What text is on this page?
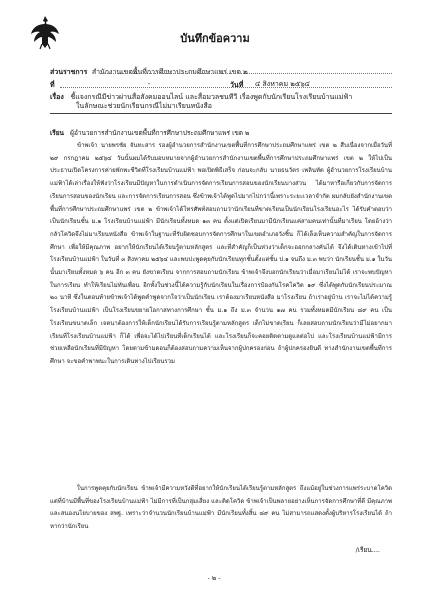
บันทึกข้อความ
ส่วนราชการ สำนักงานเขตพื้นที่การศึกษาประถมศึกษาแพร่ เขต ๒
ที่	-	วันที่ ๔ สิงหาคม ๒๕๖๔
เรื่อง ชี้แจงกรณีมีข่าวผ่านสื่อสังคมออนไลน์ และสื่อมวลชนทีวี เรื่องพูดกับนักเรียนโรงเรียนบ้านแม่ฟ้า
ในลักษณะช่วยนักเรียนกรณีไม่มาเรียนหนังสือ
เรียน ผู้อำนวยการสำนักงานเขตพื้นที่การศึกษาประถมศึกษาแพร่ เขต ๒

ข้าพเจ้า นายพรชัย จันทะสาร รองผู้อำนวยการสำนักงานเขตพื้นที่การศึกษาประถมศึกษาแพร่ เขต ๒ สืบเนื่องจากเมื่อวันที่ ๒๙ กรกฎาคม ๒๕๖๔ วันนั้นผมได้รับมอบหมายจากผู้อำนวยการสำนักงานเขตพื้นที่การศึกษาประถมศึกษาแพร่ เขต ๒ ให้ไปเป็นประธานเปิดโครงการค่ายพักพะชีวิตที่โรงเรียนบ้านแม่ฟ้า พอเปิดพิธีเสร็จ ก่อนจะกลับ นายธนวัตร เพลินทัต ผู้อำนวยการโรงเรียนบ้านแม่ฟ้าได้เล่าเรื่องให้ฟังว่าโรงเรียนมีปัญหาในการดำเนินการจัดการเรียนการสอนของนักเรียนบางส่วน ได้มาหารือเกี่ยวกับการจัดการเรียนการสอนของนักเรียน และการจัดการเรียนการสอน ซึ่งข้าพเจ้าได้พูดไปมากไปกว่านี้เพราะระยะเวลาจำกัด ผมกลับยังสำนักงานเขตพื้นที่การศึกษาประถมศึกษาแพร่ เขต ๒ ข้าพเจ้าได้โทรศัพท์สอบถามว่านักเรียนที่ขาดเรียนเป็นนักเรียนโรงเรียนอะไร ได้รับคำตอบว่าเป็นนักเรียนชั้น ม.๑ โรงเรียนบ้านแม่ฟ้า มีนักเรียนทั้งหมด ๑๓ คน ตั้งแต่เปิดเรียนมามีนักเรียนแค่สามคนเท่านั้นที่มาเรียน โดยอ้างว่ากลัวโควิดจึงไม่มาเรียนหนังสือ ข้าพเจ้าในฐานะที่รับผิดชอบการจัดการศึกษาในเขตอำเภอวังชิ้น ก็ได้เล็งเห็นความสำคัญในการจัดการศึกษา เพื่อให้มีคุณภาพ อยากให้นักเรียนได้เรียนรู้ตามหลักสูตร และที่สำคัญก็เป็นห่วงว่าเด็กจะออกกลางคันได้ จึงได้เดินทางเข้าไปที่โรงเรียนบ้านแม่ฟ้า ในวันที่ ๓ สิงหาคม ๒๕๖๔ และพบปะพูดคุยกับนักเรียนทุกชั้นตั้งแต่ชั้น ป.๑ จนถึง ม.๓ พบว่า นักเรียนชั้น ม.๑ ในวันนั้นมาเรียนทั้งหมด ๖ คน อีก ๓ คน ยังขาดเรียน จากการสอบถามนักเรียน ข้าพเจ้าจึงบอกนักเรียนว่าเมื่อมาเรียนไม่ได้ เราจะพบปัญหาในการเรียน ทำให้เรียนไม่ทันเพื่อน อีกทั้งในช่วงนี้ได้ความรู้กับนักเรียนในเรื่องการป้องกันโรคโควิด ๑๙ ซึ่งได้พูดกับนักเรียนประมาณ ๒๐ นาที ซึ่งในตอนท้ายข้าพเจ้าได้พูดคำพูดจากใจว่าเป็นนักเรียน เราต้องมาเรียนหนังสือ มาโรงเรียน ถ้าเราอยู่บ้าน เราจะไม่ได้ความรู้ โรงเรียนบ้านแม่ฟ้า เป็นโรงเรียนขยายโอกาสทางการศึกษา ชั้น ม.๑ ถึง ม.๓ จำนวน ๑๗ คน รวมทั้งหมดมีนักเรียน ๘๙ คน เป็นโรงเรียนขนาดเล็ก เจตนาต้องการให้เด็กนักเรียนได้รับการเรียนรู้ตามหลักสูตร เด็กไม่ขาดเรียน ก็เลยสอบถามนักเรียนว่ามีไม่อยากมาเรียนที่โรงเรียนบ้านแม่ฟ้า ก็ได้ เพื่อจะได้ไปเรียนที่เด็กเรียนได้ และโรงเรียนก็จะคอยติดตามดูแลต่อไป และโรงเรียนบ้านแม่ฟ้ามีการช่วยเหลือนักเรียนที่มีปัญหา โดยตามข้ามดอนก็ต้องสอบถามความเห็นจากผู้ปกครองก่อน ถ้าผู้ปกครองยินดี ทางสำนักงานเขตพื้นที่การศึกษา จะขอคำพาพนะในการเดินทางไปเรียนรวม

ในการพูดคุยกับนักเรียน ข้าพเจ้ามีความหวังดีที่อยากให้นักเรียนได้เรียนรู้ตามหลักสูตร ถึงแม้อยู่ในช่วงการแพร่ระบาดโควิด แต่ที่บ้านมีพื้นที่ของโรงเรียนบ้านแม่ฟ้า ไม่มีการที่เป็นกลุ่มเสี่ยง และติดโควิด ข้าพเจ้าเป็นพลายอย่างเห็นการจัดการศึกษาที่ดี มีคุณภาพ และสนองนโยบายของ สพฐ. เพราะว่าจำนวนนักเรียนบ้านแม่ฟ้า มีนักเรียนทั้งสิ้น ๘๙ คน ไม่สามารถแสดงตั้งผู้บริหารโรงเรียนได้ ถ้าหากว่านักเรียน

/เรียน....
- ๒ -
